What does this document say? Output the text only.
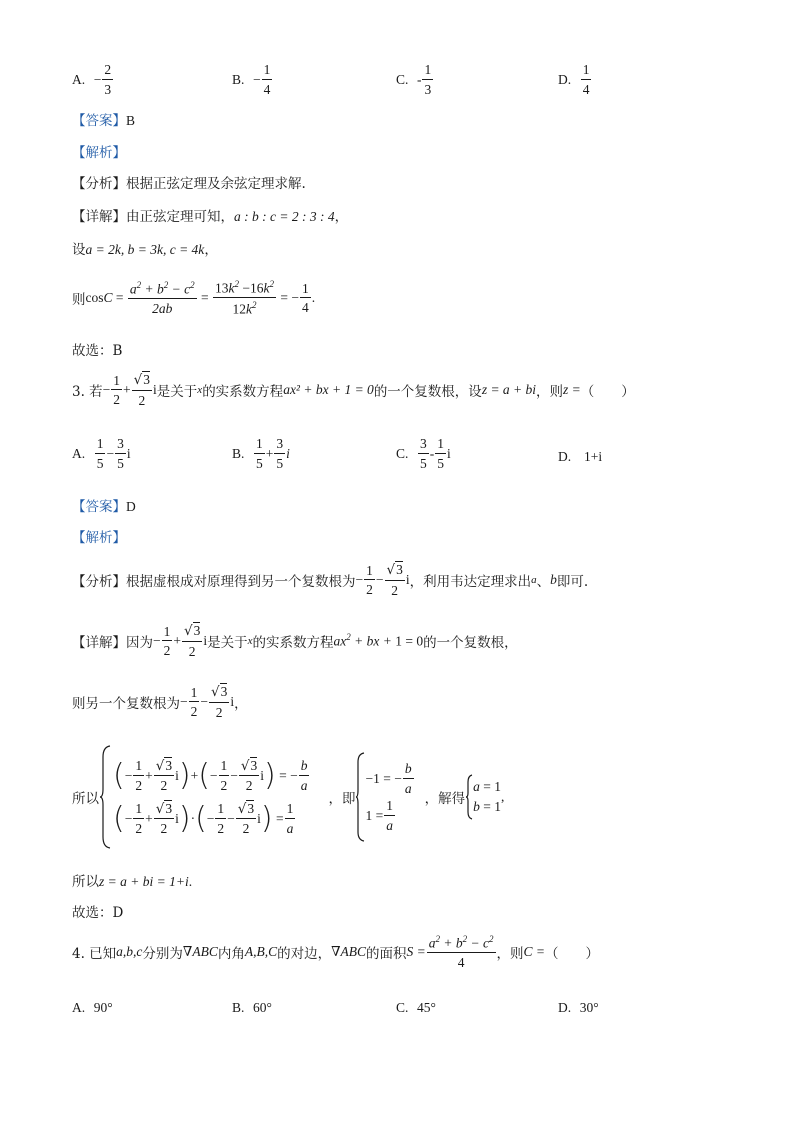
A.
− $\frac{2}{3}$	B.
− $\frac{1}{4}$	C.
- $\frac{1}{3}$	D.
$\frac{1}{4}$
【答案】B
【解析】
【分析】根据正弦定理及余弦定理求解.
【详解】由正弦定理可知，a : b : c = 2 : 3 : 4，
设a = 2k, b = 3k, c = 4k，
则 $\cos C = \frac{a^2 + b^2 - c^2}{2ab} = \frac{13k^2 -16k^2}{12k^2}$ = − $\frac{1}{4}$ .
故选：B
3. 若 − $\frac{1}{2} + \frac{√3}{2}$ i 是关于 x 的实系数方程 ax² + bx + 1 = 0 的一个复数根，设 z = a + bi ，则 z = （　　）
A.
$\frac{1}{5} - \frac{3}{5}$ i	B.
$\frac{1}{5} + \frac{3}{5}$ i	C.
$\frac{3}{5} - \frac{1}{5}$ i	D. 1+i
【答案】D
【解析】
【分析】 根据虚根成对原理得到另一个复数根为 − $\frac{1}{2} - \frac{√3}{2}$ i ，利用韦达定理求出 a 、 b 即可.
【详解】 因为 − $\frac{1}{2} + \frac{√3}{2}$ i 是关于 x 的实系数方程 $ax^2$ + bx + 1 = 0 的一个复数根，
则另一个复数根为 − $\frac{1}{2} - \frac{√3}{2}$ i ，
所以
( − $\frac{1}{2} + \frac{√3}{2}$ i ) + ( − $\frac{1}{2} - \frac{√3}{2}$ i ) = − $\frac{b}{a}$
( − $\frac{1}{2} + \frac{√3}{2}$ i ) · ( − $\frac{1}{2} - \frac{√3}{2}$ i ) = $\frac{1}{a}$
，即
−1 = − $\frac{b}{a}$
$1 = \frac{1}{a}$ ，解得
a = 1
b = 1
,
所以z = a + bi = 1+i.
故选：D
4. 已知 a,b,c 分别为 ∇ABC 内角 A,B,C 的对边， ∇ABC 的面积 $S = \frac{a^2 + b^2 - c^2}{4}$ ，则 C = （　　）
A. 90°	B. 60°	C. 45°	D. 30°
